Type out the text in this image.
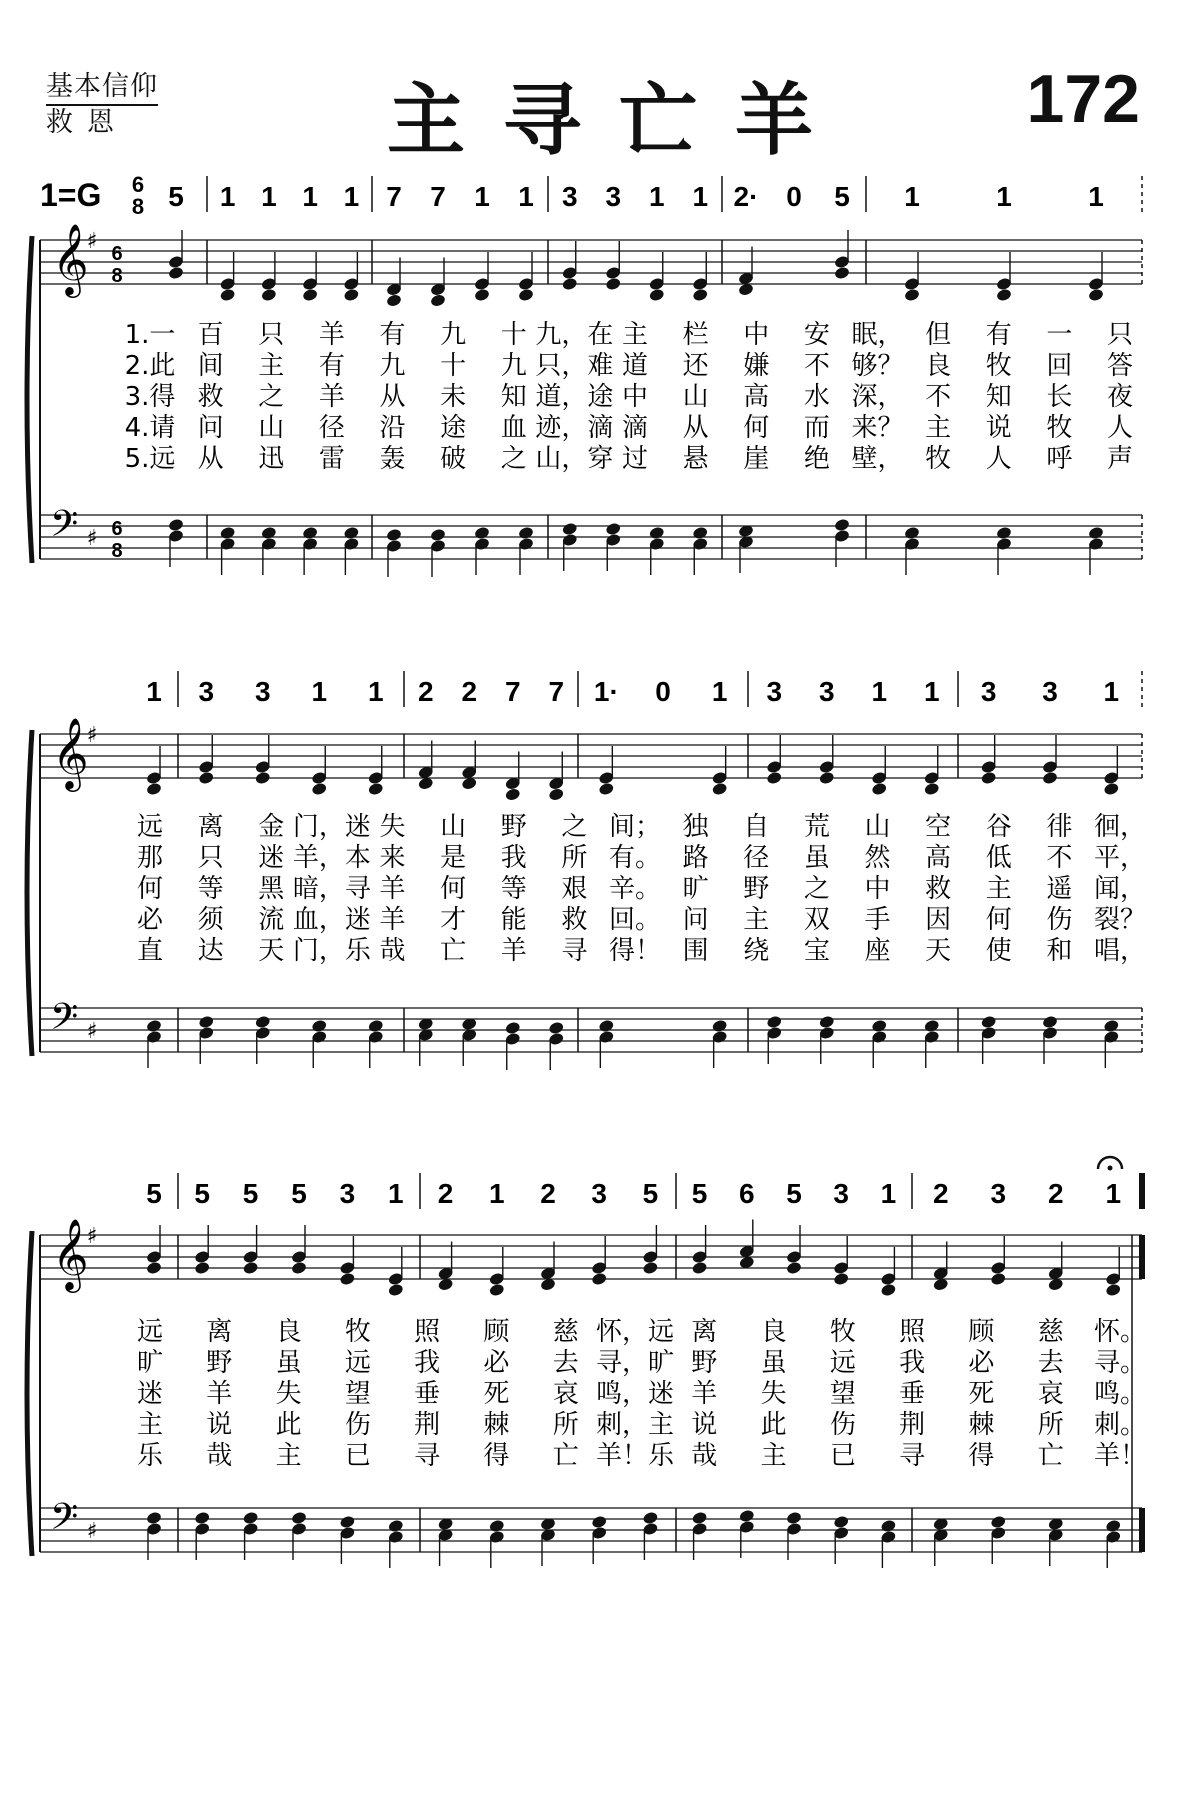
基本信仰
救恩	主寻亡羊	172
1=G 6
8 5 1 1 1 1 7 7 1 1 3 3 1 1 2· 0 5 1	1	1
𝄞
𝄢
♯
♯
6
8
6
8
1.一 百 只 羊 有 九 十 九，在 主 栏 中 安 眠， 但 有 一 只
2.此 间 主 有 九 十 九 只，难 道 还 嫌 不 够？ 良 牧 回 答
3.得 救 之 羊 从 未 知 道，途 中 山 高 水 深， 不 知 长 夜
4.请 问 山 径 沿 途 血 迹，滴 滴 从 何 而 来？ 主 说 牧 人
5.远 从 迅 雷 轰 破 之 山，穿 过 悬 崖 绝 壁， 牧 人 呼 声
1 3 3 1 1 2 2 7 7 1· 0 1 3 3 1 1 3 3 1
𝄞
𝄢
♯
♯
远 离 金 门，迷 失 山 野 之 间； 独 自 荒 山 空 谷 徘 徊，
那 只 迷 羊，本 来 是 我 所 有。 路 径 虽 然 高 低 不 平，
何 等 黑 暗，寻 羊 何 等 艰 辛。 旷 野 之 中 救 主 遥 闻，
必 须 流 血，迷 羊 才 能 救 回。 问 主 双 手 因 何 伤 裂？
直 达 天 门，乐 哉 亡 羊 寻 得！ 围 绕 宝 座 天 使 和 唱，
5 5 5 5 3 1 2 1 2 3 5 5 6 5 3 1 2 3 2 1
𝄞
𝄢
♯
♯
远 离 良 牧 照 顾 慈 怀，远 离 良 牧 照 顾 慈 怀。
旷 野 虽 远 我 必 去 寻，旷 野 虽 远 我 必 去 寻。
迷 羊 失 望 垂 死 哀 鸣，迷 羊 失 望 垂 死 哀 鸣。
主 说 此 伤 荆 棘 所 刺，主 说 此 伤 荆 棘 所 刺。
乐 哉 主 已 寻 得 亡 羊！乐 哉 主 已 寻 得 亡 羊！
